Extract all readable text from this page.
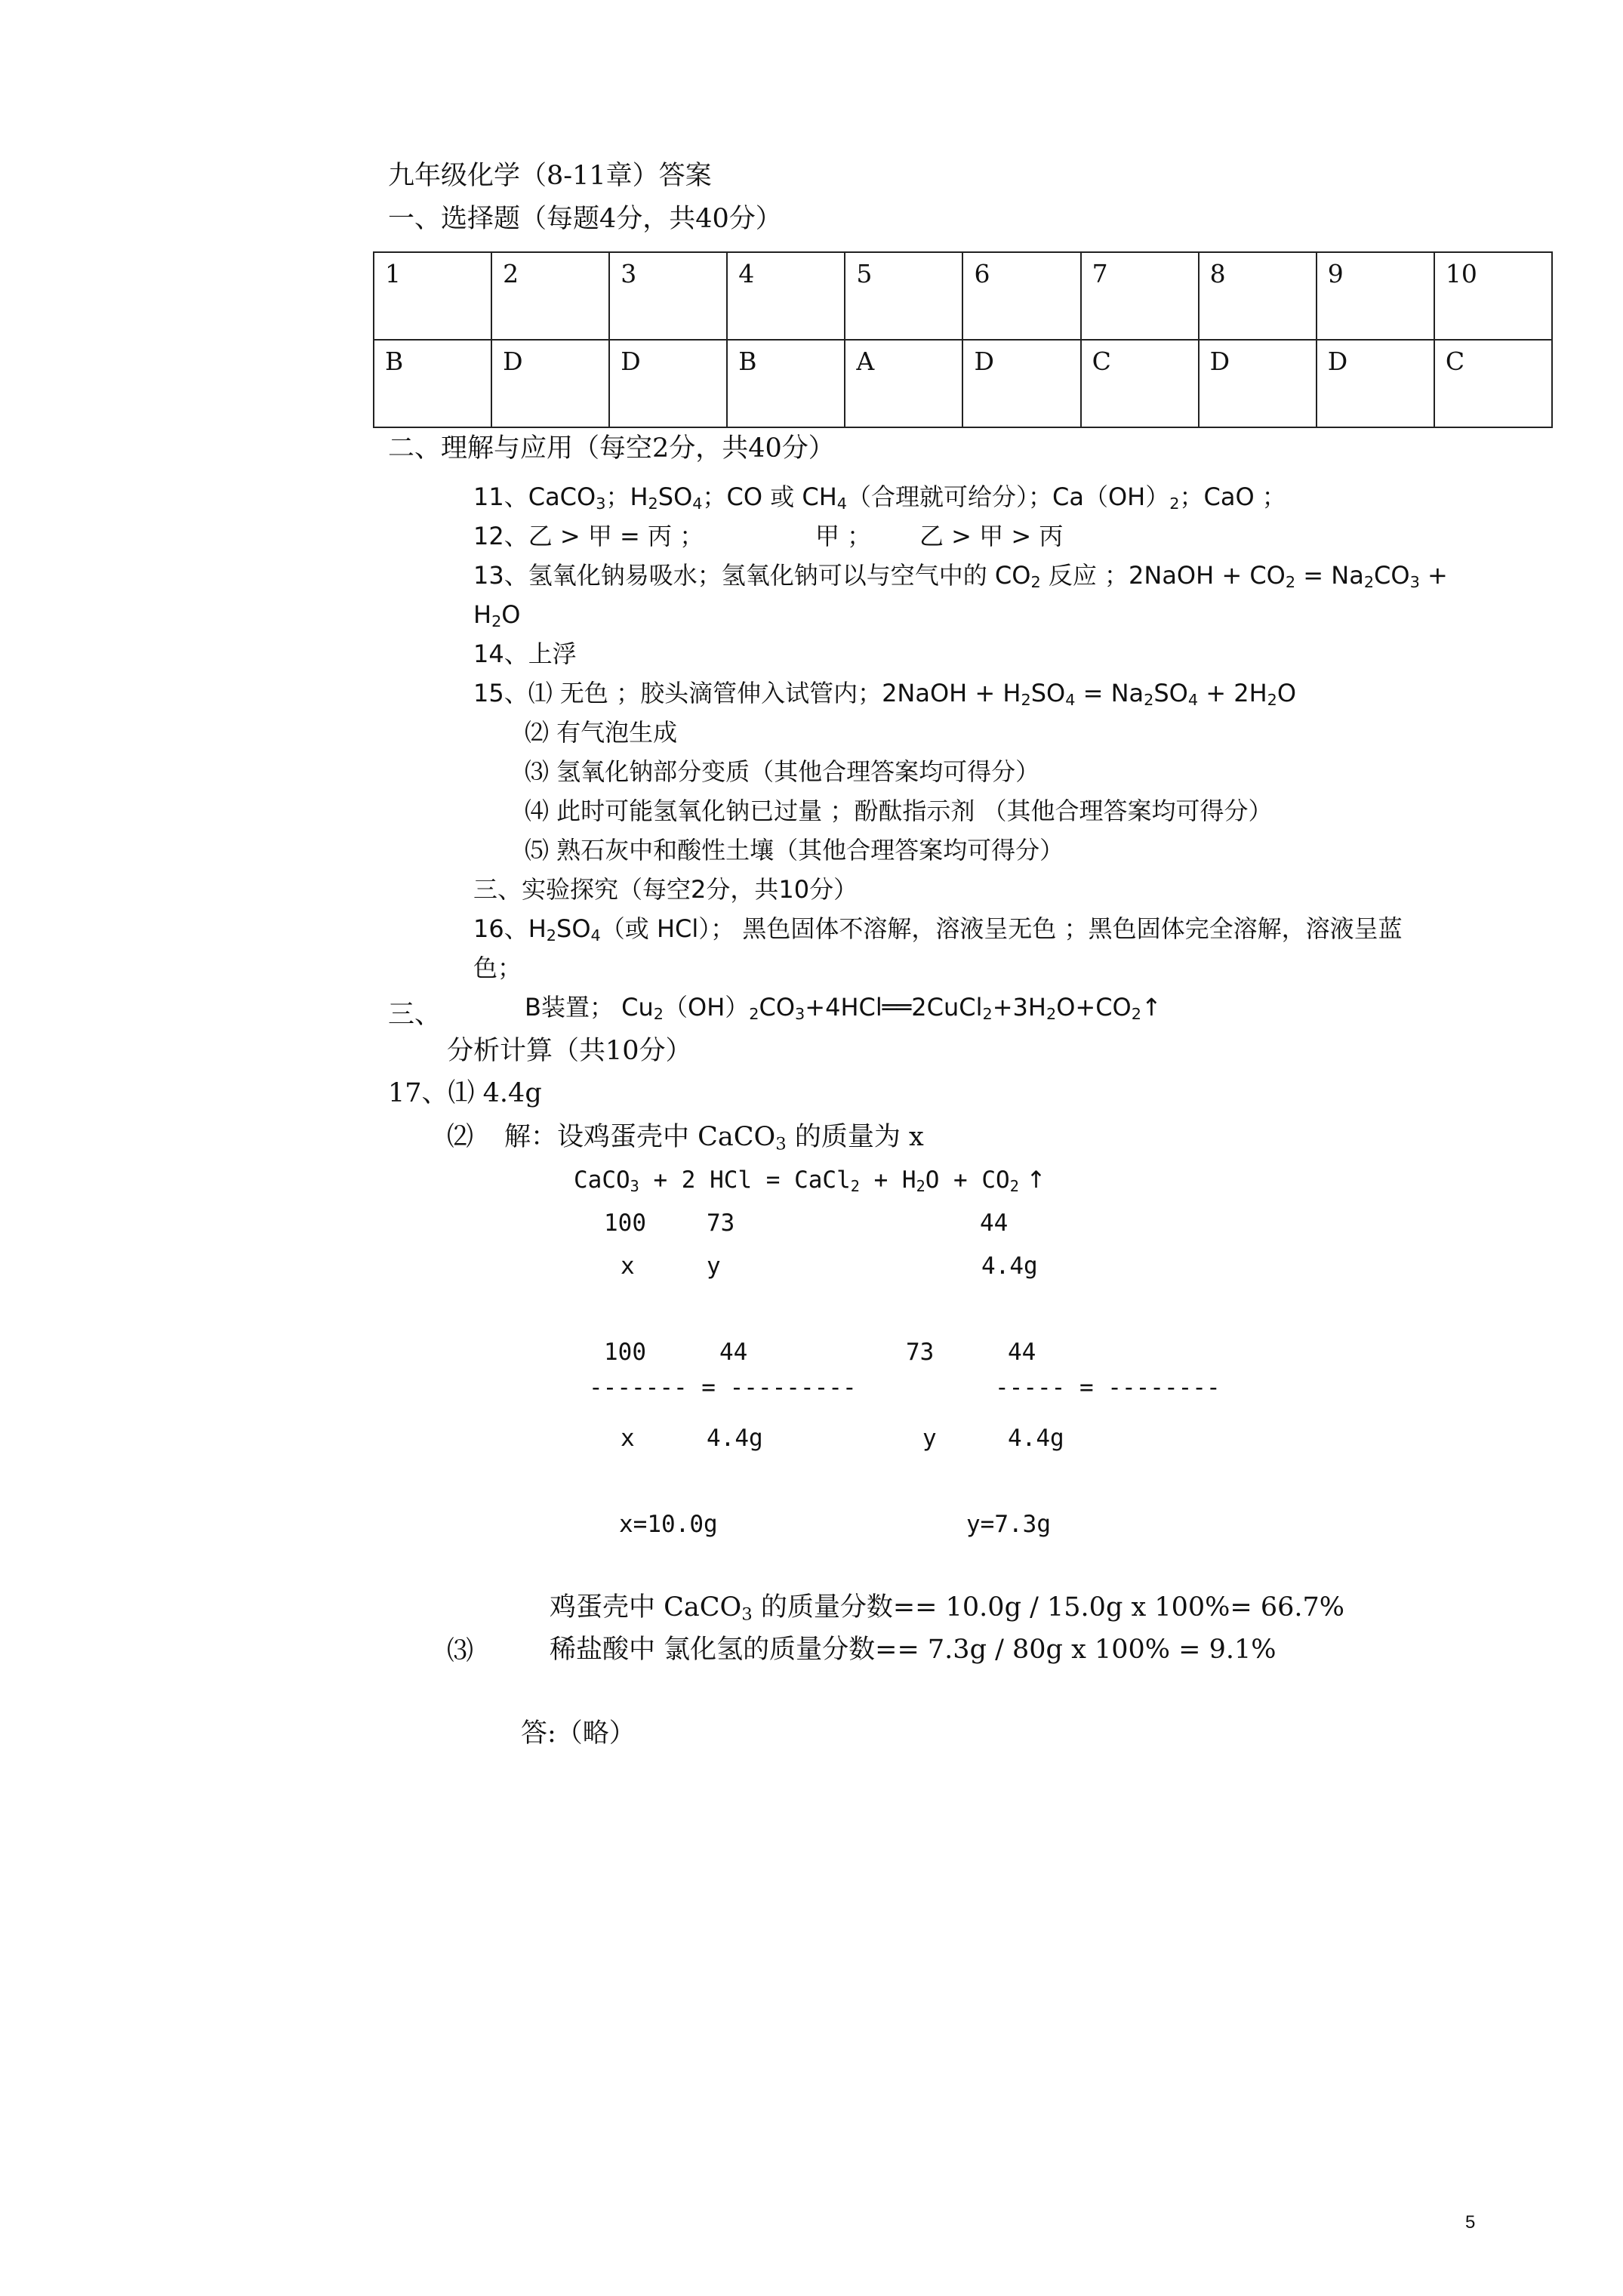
九年级化学（8-11章）答案
一、选择题（每题4分，共40分）
1	2	3	4	5	6	7	8	9	10
B	D	D	B	A	D	C	D	D	C
二、理解与应用（每空2分，共40分）
11、CaCO$_3$；$H_2SO_4$；CO 或 $CH_4$（合理就可给分）；$Ca(OH)_2$；CaO ；
12、乙 > 甲 = 丙 ；	甲 ； 乙 > 甲 > 丙
13、氢氧化钠易吸水；氢氧化钠可以与空气中的 $CO_2$ 反应 ；2NaOH + $CO_2 = Na_2CO_3$ +
$H_2O$
14、上浮
15、⑴ 无色 ；胶头滴管伸入试管内；2NaOH + $H_2SO_4 = Na_2SO_4 + 2H_2O$
⑵ 有气泡生成
⑶ 氢氧化钠部分变质（其他合理答案均可得分）
⑷ 此时可能氢氧化钠已过量 ；酚酞指示剂 （其他合理答案均可得分）
⑸ 熟石灰中和酸性土壤（其他合理答案均可得分）
三、实验探究（每空2分，共10分）
16、$H_2SO_4$（或 HCl）； 黑色固体不溶解，溶液呈无色 ；黑色固体完全溶解，溶液呈蓝
色；
三、	B装置； $Cu_2(OH)_2CO_3+4HCl══2CuCl_2+3H_2O+CO_2↑$
分析计算（共10分）
17、⑴ 4.4g
⑵ 解：设鸡蛋壳中 CaCO$_3$ 的质量为 x
CaCO$_3$ + 2 HCl = CaCl$_2$ + $H_2O + CO_2$ ↑
100	73	44
x	y	4.4g
100	44	73	44
------- = ---------	----- = --------
x	4.4g	y	4.4g
x=10.0g	y=7.3g
鸡蛋壳中 CaCO$_3$ 的质量分数== 10.0g / 15.0g x 100%= 66.7%
⑶	稀盐酸中 氯化氢的质量分数== 7.3g / 80g x 100% = 9.1%
答:（略）
5
